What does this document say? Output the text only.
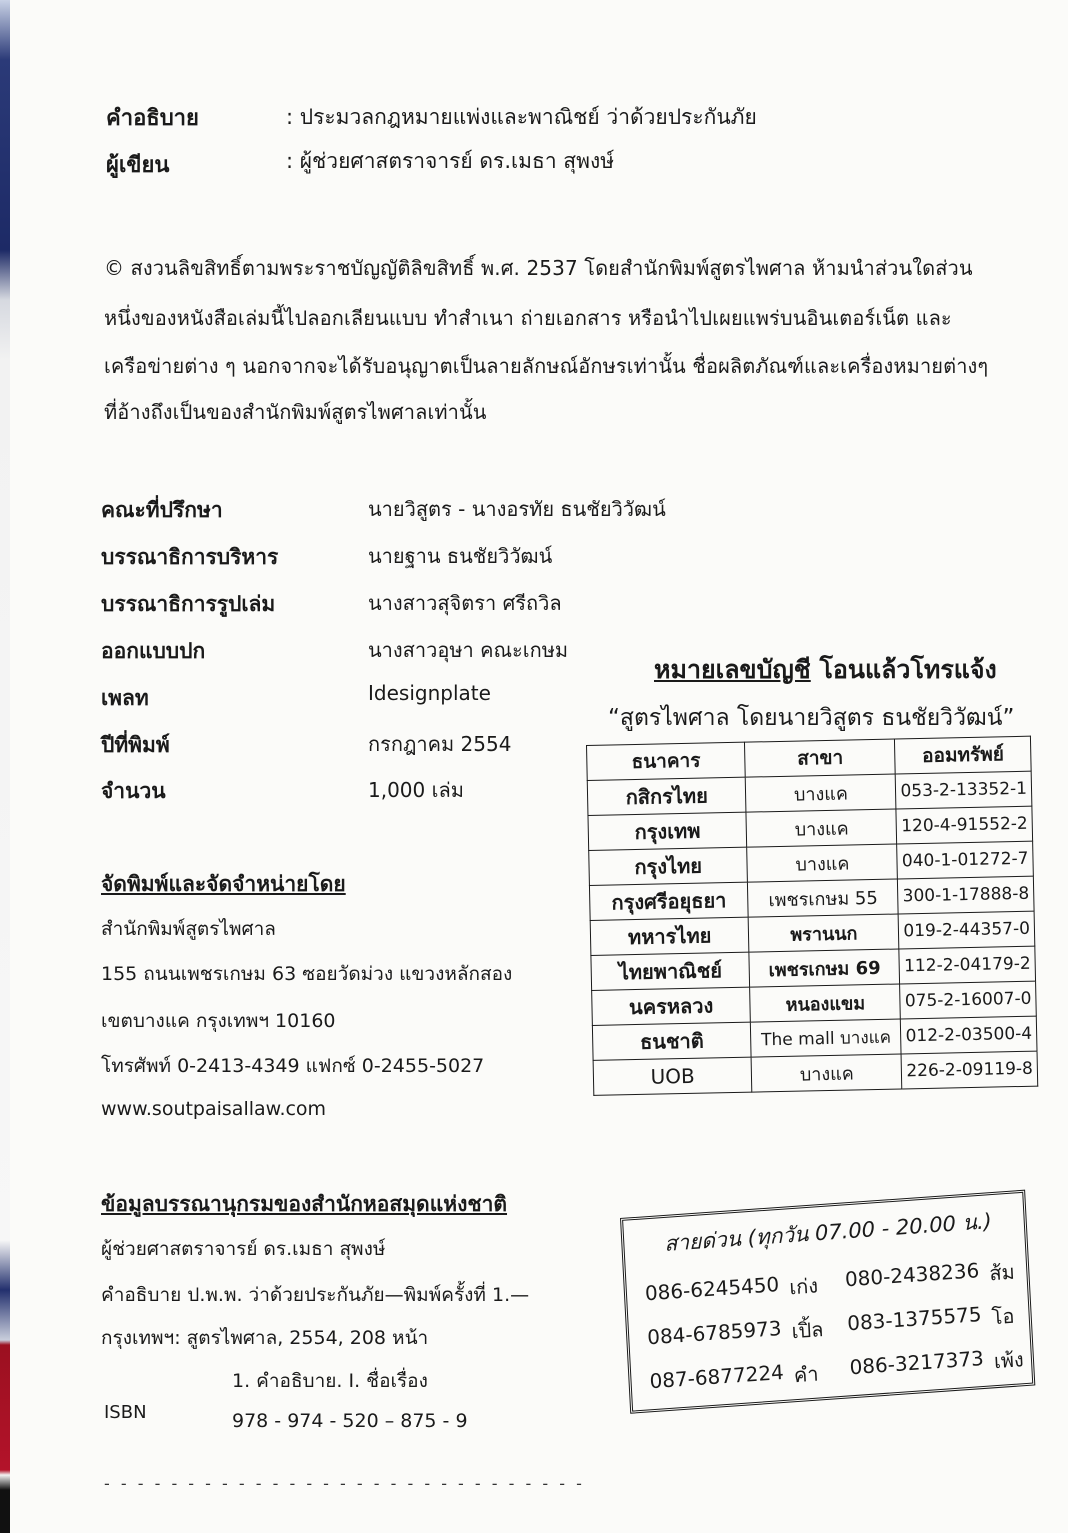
คำอธิบาย	: ประมวลกฎหมายแพ่งและพาณิชย์ ว่าด้วยประกันภัย
ผู้เขียน	: ผู้ช่วยศาสตราจารย์ ดร.เมธา สุพงษ์
© สงวนลิขสิทธิ์ตามพระราชบัญญัติลิขสิทธิ์ พ.ศ. 2537 โดยสำนักพิมพ์สูตรไพศาล ห้ามนำส่วนใดส่วน
หนึ่งของหนังสือเล่มนี้ไปลอกเลียนแบบ ทำสำเนา ถ่ายเอกสาร หรือนำไปเผยแพร่บนอินเตอร์เน็ต และ
เครือข่ายต่าง ๆ นอกจากจะได้รับอนุญาตเป็นลายลักษณ์อักษรเท่านั้น ชื่อผลิตภัณฑ์และเครื่องหมายต่างๆ
ที่อ้างถึงเป็นของสำนักพิมพ์สูตรไพศาลเท่านั้น
คณะที่ปรึกษา	นายวิสูตร - นางอรทัย ธนชัยวิวัฒน์
บรรณาธิการบริหาร	นายฐาน ธนชัยวิวัฒน์
บรรณาธิการรูปเล่ม	นางสาวสุจิตรา ศรีถวิล
ออกแบบปก	นางสาวอุษา คณะเกษม
เพลท	Idesignplate
ปีที่พิมพ์	กรกฎาคม 2554
จำนวน	1,000 เล่ม
จัดพิมพ์และจัดจำหน่ายโดย
สำนักพิมพ์สูตรไพศาล
155 ถนนเพชรเกษม 63 ซอยวัดม่วง แขวงหลักสอง
เขตบางแค กรุงเทพฯ 10160
โทรศัพท์ 0-2413-4349 แฟกซ์ 0-2455-5027
www.soutpaisallaw.com
หมายเลขบัญชี โอนแล้วโทรแจ้ง
“สูตรไพศาล โดยนายวิสูตร ธนชัยวิวัฒน์”
ธนาคาร	สาขา	ออมทรัพย์
กสิกรไทย	บางแค	053-2-13352-1
กรุงเทพ	บางแค	120-4-91552-2
กรุงไทย	บางแค	040-1-01272-7
กรุงศรีอยุธยา	เพชรเกษม 55	300-1-17888-8
ทหารไทย	พรานนก	019-2-44357-0
ไทยพาณิชย์	เพชรเกษม 69	112-2-04179-2
นครหลวง	หนองแขม	075-2-16007-0
ธนชาติ	The mall บางแค	012-2-03500-4
UOB	บางแค	226-2-09119-8
ข้อมูลบรรณานุกรมของสำนักหอสมุดแห่งชาติ
ผู้ช่วยศาสตราจารย์ ดร.เมธา สุพงษ์
คำอธิบาย ป.พ.พ. ว่าด้วยประกันภัย—พิมพ์ครั้งที่ 1.—
กรุงเทพฯ: สูตรไพศาล, 2554, 208 หน้า
1. คำอธิบาย. I. ชื่อเรื่อง
ISBN	978 - 974 - 520 – 875 - 9
- - - - - - - - - - - - - - - - - - - - - - - - - - - - -
สายด่วน (ทุกวัน 07.00 - 20.00 น.)
086-6245450 เก่ง	080-2438236 ส้ม
084-6785973 เปิ้ล	083-1375575 โอ
087-6877224 คำ	086-3217373 เพ้ง
